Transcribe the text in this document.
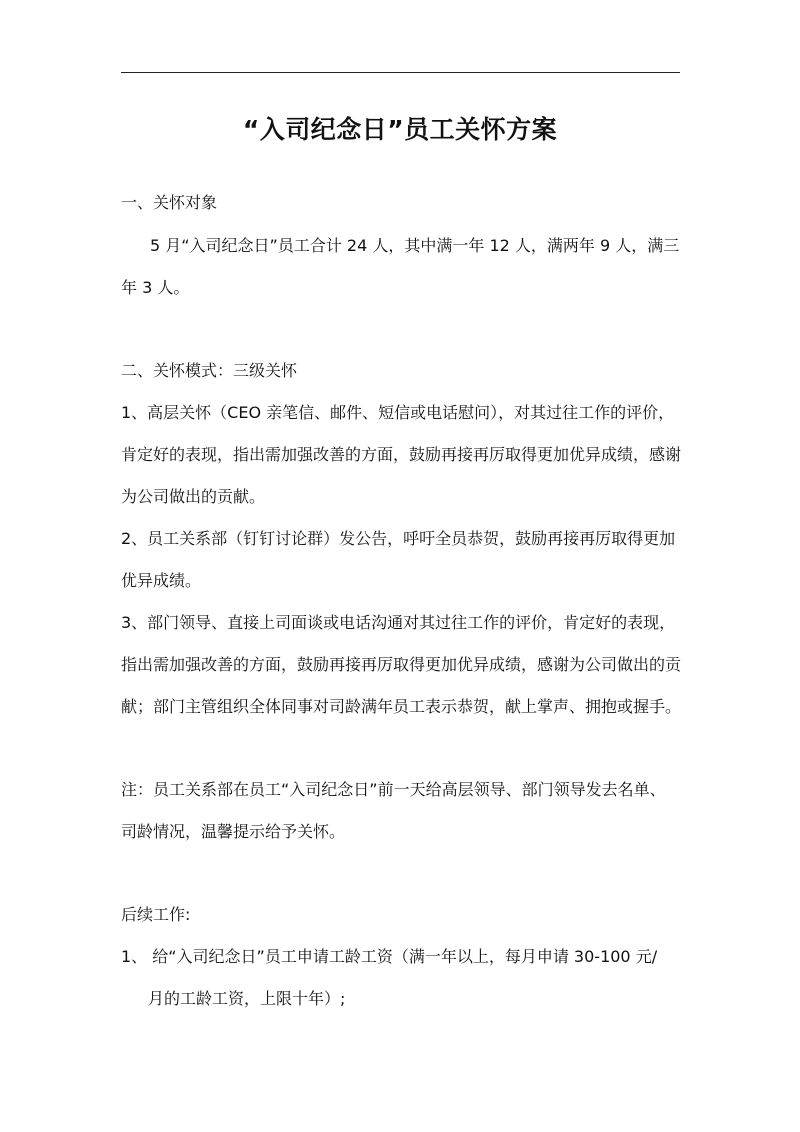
“入司纪念日”员工关怀方案
一、关怀对象
5 月“入司纪念日”员工合计 24 人，其中满一年 12 人，满两年 9 人，满三
年 3 人。
二、关怀模式：三级关怀
1、高层关怀（CEO 亲笔信、邮件、短信或电话慰问），对其过往工作的评价，
肯定好的表现，指出需加强改善的方面，鼓励再接再厉取得更加优异成绩，感谢
为公司做出的贡献。
2、员工关系部（钉钉讨论群）发公告，呼吁全员恭贺，鼓励再接再厉取得更加
优异成绩。
3、部门领导、直接上司面谈或电话沟通对其过往工作的评价，肯定好的表现，
指出需加强改善的方面，鼓励再接再厉取得更加优异成绩，感谢为公司做出的贡
献；部门主管组织全体同事对司龄满年员工表示恭贺，献上掌声、拥抱或握手。
注：员工关系部在员工“入司纪念日”前一天给高层领导、部门领导发去名单、
司龄情况，温馨提示给予关怀。
后续工作:
1、 给“入司纪念日”员工申请工龄工资（满一年以上，每月申请 30-100 元/
月的工龄工资，上限十年）;
